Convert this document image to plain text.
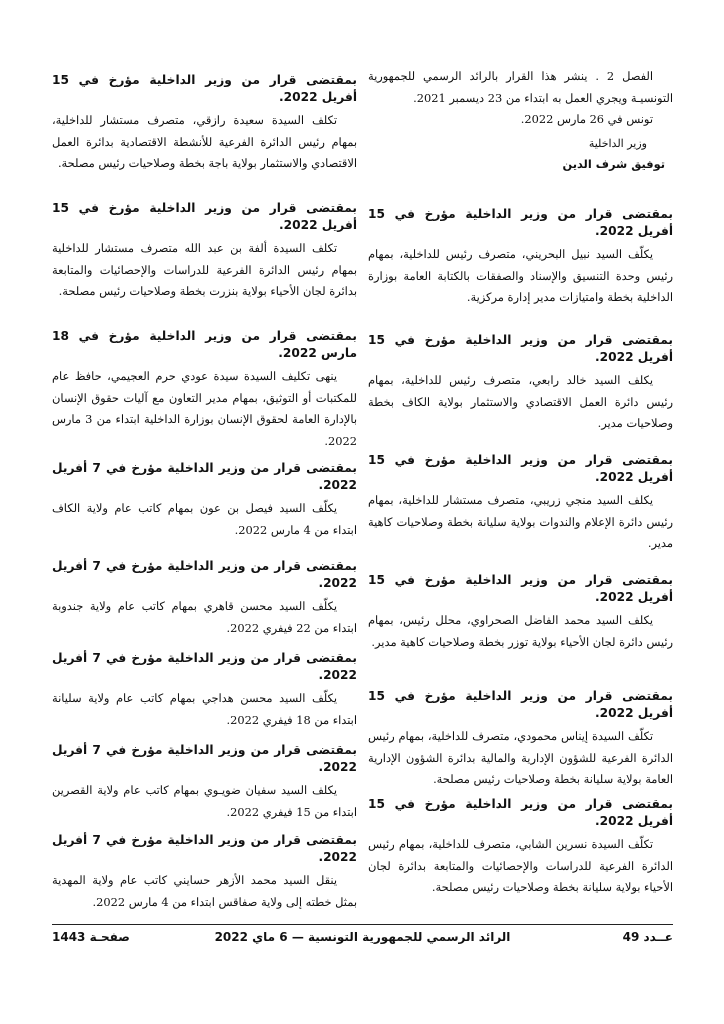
الفصل 2 . ينشر هذا القرار بالرائد الرسمي للجمهورية التونسيـة ويجري العمل به ابتداء من 23 ديسمبر 2021.

تونس في 26 مارس 2022.

وزير الداخلية

توفيق شرف الدين

بمقتضى قرار من وزير الداخلية مؤرخ في 15 أفريل 2022.

يكلّف السيد نبيل البحريني، متصرف رئيس للداخلية، بمهام رئيس وحدة التنسيق والإسناد والصفقات بالكتابة العامة بوزارة الداخلية بخطة وامتيازات مدير إدارة مركزية.

بمقتضى قرار من وزير الداخلية مؤرخ في 15 أفريل 2022.

يكلف السيد خالد رابعي، متصرف رئيس للداخلية، بمهام رئيس دائرة العمل الاقتصادي والاستثمار بولاية الكاف بخطة وصلاحيات مدير.

بمقتضى قرار من وزير الداخلية مؤرخ في 15 أفريل 2022.

يكلف السيد منجي زريبي، متصرف مستشار للداخلية، بمهام رئيس دائرة الإعلام والندوات بولاية سليانة بخطة وصلاحيات كاهية مدير.

بمقتضى قرار من وزير الداخلية مؤرخ في 15 أفريل 2022.

يكلف السيد محمد الفاضل الصحراوي، محلل رئيس، بمهام رئيس دائرة لجان الأحياء بولاية توزر بخطة وصلاحيات كاهية مدير.

بمقتضى قرار من وزير الداخلية مؤرخ في 15 أفريل 2022.

تكلّف السيدة إيناس محمودي، متصرف للداخلية، بمهام رئيس الدائرة الفرعية للشؤون الإدارية والمالية بدائرة الشؤون الإدارية العامة بولاية سليانة بخطة وصلاحيات رئيس مصلحة.

بمقتضى قرار من وزير الداخلية مؤرخ في 15 أفريل 2022.

تكلّف السيدة نسرين الشابي، متصرف للداخلية، بمهام رئيس الدائرة الفرعية للدراسات والإحصائيات والمتابعة بدائرة لجان الأحياء بولاية سليانة بخطة وصلاحيات رئيس مصلحة.

بمقتضى قرار من وزير الداخلية مؤرخ في 15 أفريل 2022.

تكلف السيدة سعيدة رازقي، متصرف مستشار للداخلية، بمهام رئيس الدائرة الفرعية للأنشطة الاقتصادية بدائرة العمل الاقتصادي والاستثمار بولاية باجة بخطة وصلاحيات رئيس مصلحة.

بمقتضى قرار من وزير الداخلية مؤرخ في 15 أفريل 2022.

تكلف السيدة ألفة بن عبد الله متصرف مستشار للداخلية بمهام رئيس الدائرة الفرعية للدراسات والإحصائيات والمتابعة بدائرة لجان الأحياء بولاية بنزرت بخطة وصلاحيات رئيس مصلحة.

بمقتضى قرار من وزير الداخلية مؤرخ في 18 مارس 2022.

ينهى تكليف السيدة سيدة عودي حرم العجيمي، حافظ عام للمكتبات أو التوثيق، بمهام مدير التعاون مع آليات حقوق الإنسان بالإدارة العامة لحقوق الإنسان بوزارة الداخلية ابتداء من 3 مارس 2022.

بمقتضى قرار من وزير الداخلية مؤرخ في 7 أفريل 2022.

يكلّف السيد فيصل بن عون بمهام كاتب عام ولاية الكاف ابتداء من 4 مارس 2022.

بمقتضى قرار من وزير الداخلية مؤرخ في 7 أفريل 2022.

يكلّف السيد محسن قاهري بمهام كاتب عام ولاية جندوبة ابتداء من 22 فيفري 2022.

بمقتضى قرار من وزير الداخلية مؤرخ في 7 أفريل 2022.

يكلّف السيد محسن هداجي بمهام كاتب عام ولاية سليانة ابتداء من 18 فيفري 2022.

بمقتضى قرار من وزير الداخلية مؤرخ في 7 أفريل 2022.

يكلف السيد سفيان ضويـوي بمهام كاتب عام ولاية القصرين ابتداء من 15 فيفري 2022.

بمقتضى قرار من وزير الداخلية مؤرخ في 7 أفريل 2022.

ينقل السيد محمد الأزهر حسايني كاتب عام ولاية المهدية بمثل خطته إلى ولاية صفاقس ابتداء من 4 مارس 2022.

عــدد 49
الرائد الرسمي للجمهورية التونسية — 6 ماي 2022
صفحـة 1443
